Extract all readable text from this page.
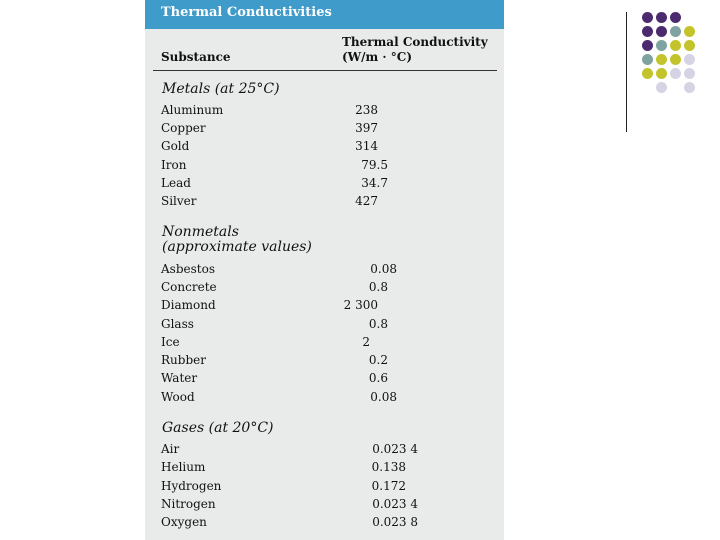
Thermal Conductivities
Substance
Thermal Conductivity
(W/m · °C)
Metals (at 25°C)
Aluminum	238
Copper	397
Gold	314
Iron	79.5
Lead	34.7
Silver	427
Nonmetals
(approximate values)
Asbestos	0.08
Concrete	0.8
Diamond	2 300
Glass	0.8
Ice	2
Rubber	0.2
Water	0.6
Wood	0.08
Gases (at 20°C)
Air	0.023 4
Helium	0.138
Hydrogen	0.172
Nitrogen	0.023 4
Oxygen	0.023 8
